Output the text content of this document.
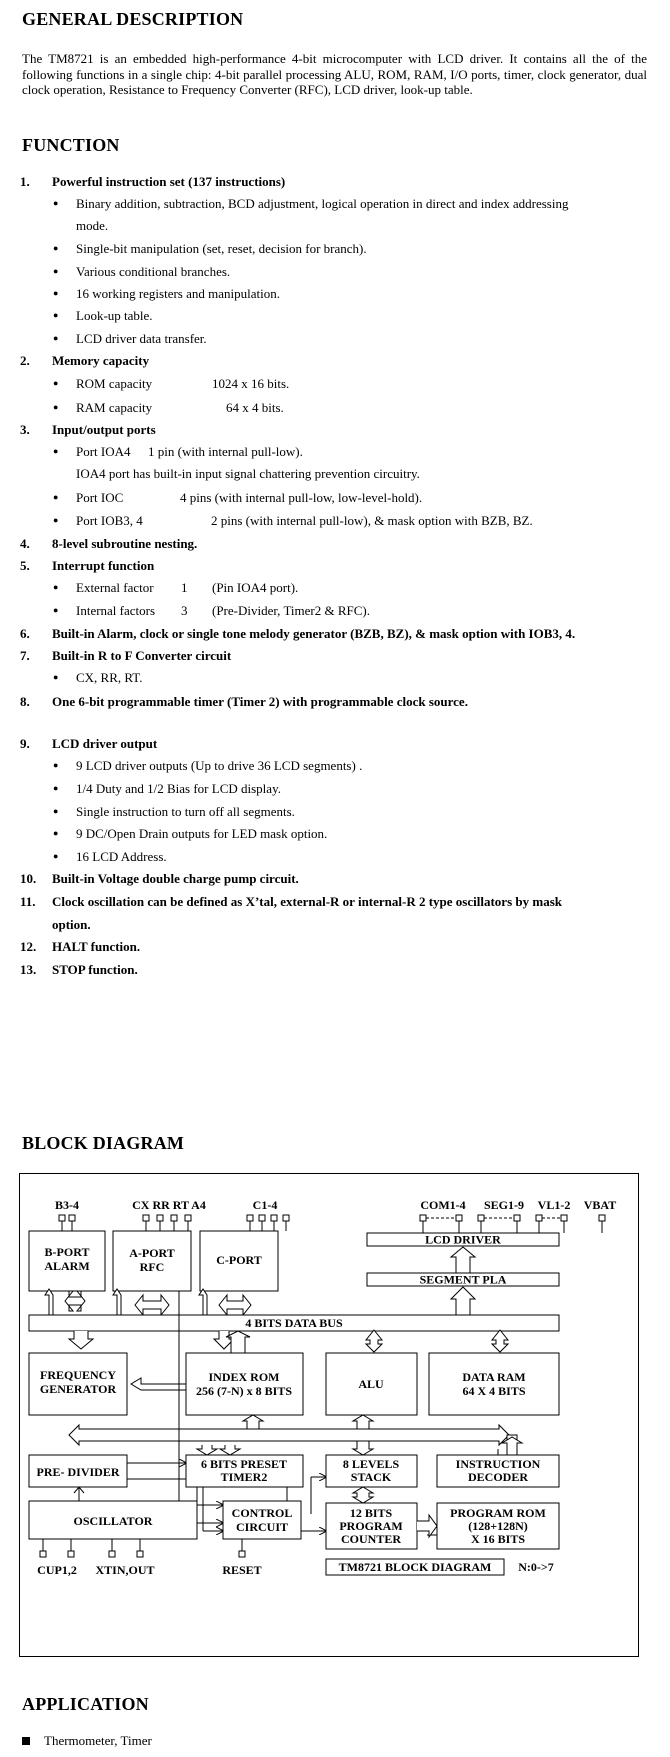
GENERAL DESCRIPTION
The TM8721 is an embedded high-performance 4-bit microcomputer with LCD driver. It contains all the of the following functions in a single chip: 4-bit parallel processing ALU, ROM, RAM, I/O ports, timer, clock generator, dual clock operation, Resistance to Frequency Converter (RFC), LCD driver, look-up table.
FUNCTION
1. Powerful instruction set (137 instructions)
● Binary addition, subtraction, BCD adjustment, logical operation in direct and index addressing
mode.
● Single-bit manipulation (set, reset, decision for branch).
● Various conditional branches.
● 16 working registers and manipulation.
● Look-up table.
● LCD driver data transfer.
2. Memory capacity
● ROM capacity	1024 x 16 bits.
● RAM capacity	64 x 4 bits.
3. Input/output ports
● Port IOA4 1 pin (with internal pull-low).
IOA4 port has built-in input signal chattering prevention circuitry.
● Port IOC	4 pins (with internal pull-low, low-level-hold).
● Port IOB3, 4	2 pins (with internal pull-low), & mask option with BZB, BZ.
4. 8-level subroutine nesting.
5. Interrupt function
● External factor 1 (Pin IOA4 port).
● Internal factors 3 (Pre-Divider, Timer2 & RFC).
6. Built-in Alarm, clock or single tone melody generator (BZB, BZ), & mask option with IOB3, 4.
7. Built-in R to F Converter circuit
● CX, RR, RT.
8. One 6-bit programmable timer (Timer 2) with programmable clock source.
9. LCD driver output
● 9 LCD driver outputs (Up to drive 36 LCD segments) .
● 1/4 Duty and 1/2 Bias for LCD display.
● Single instruction to turn off all segments.
● 9 DC/Open Drain outputs for LED mask option.
● 16 LCD Address.
10. Built-in Voltage double charge pump circuit.
11. Clock oscillation can be defined as X’tal, external-R or internal-R 2 type oscillators by mask
option.
12. HALT function.
13. STOP function.
BLOCK DIAGRAM
B3-4	CX RR RT A4	C1-4	COM1-4 SEG1-9 VL1-2 VBAT
B-PORT
ALARM
A-PORT
RFC	C-PORT
LCD DRIVER
SEGMENT PLA
4 BITS DATA BUS
FREQUENCY
GENERATOR
INDEX ROM
256 (7-N) x 8 BITS	ALU	DATA RAM
64 X 4 BITS
PRE- DIVIDER
6 BITS PRESET
TIMER2
8 LEVELS
STACK
INSTRUCTION
DECODER
OSCILLATOR
CONTROL
CIRCUIT
12 BITS
PROGRAM
COUNTER
PROGRAM ROM
(128+128N)
X 16 BITS
CUP1,2 XTIN,OUT	RESET	TM8721 BLOCK DIAGRAM N:0->7
APPLICATION
Thermometer, Timer
